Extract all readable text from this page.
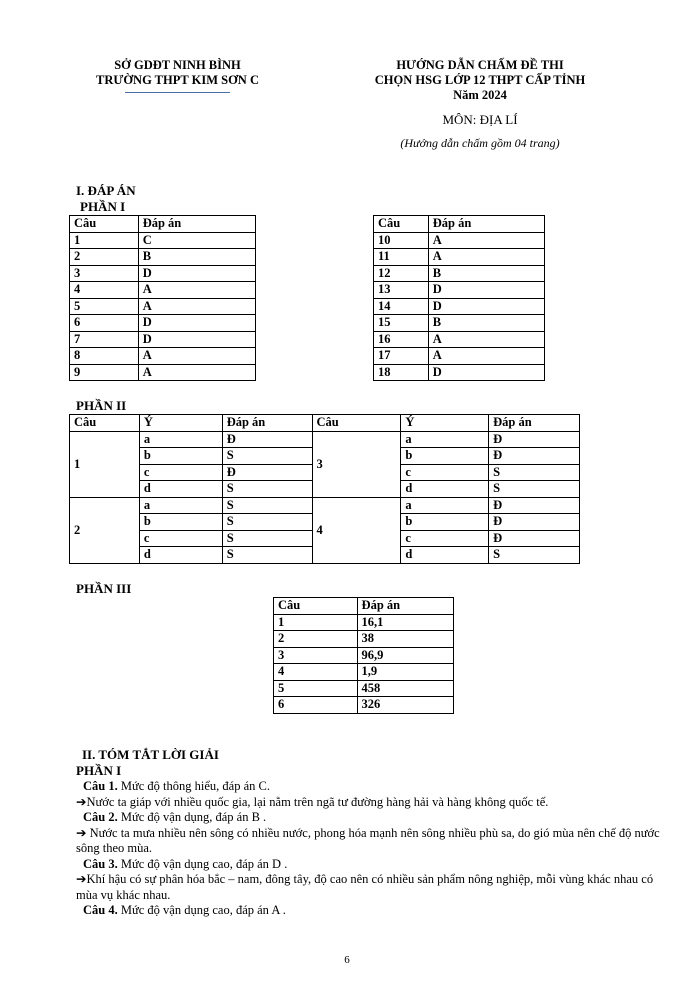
SỞ GDĐT NINH BÌNH
TRƯỜNG THPT KIM SƠN C
HƯỚNG DẪN CHẤM ĐỀ THI
CHỌN HSG LỚP 12 THPT CẤP TỈNH
Năm 2024
MÔN: ĐỊA LÍ
(Hướng dẫn chấm gồm 04 trang)
I. ĐÁP ÁN
PHẦN I
Câu	Đáp án
1	C
2	B
3	D
4	A
5	A
6	D
7	D
8	A
9	A
Câu	Đáp án
10	A
11	A
12	B
13	D
14	D
15	B
16	A
17	A
18	D
PHẦN II
Câu	Ý	Đáp án	Câu	Ý	Đáp án
1	a	Đ	3	a	Đ
	b	S		b	Đ
	c	Đ		c	S
	d	S		d	S
2	a	S	4	a	Đ
	b	S		b	Đ
	c	S		c	Đ
	d	S		d	S
PHẦN III
Câu	Đáp án
1	16,1
2	38
3	96,9
4	1,9
5	458
6	326
II. TÓM TẮT LỜI GIẢI
PHẦN I
Câu 1. Mức độ thông hiểu, đáp án C.
➔Nước ta giáp với nhiều quốc gia, lại nằm trên ngã tư đường hàng hải và hàng không quốc tế.
Câu 2. Mức độ vận dụng, đáp án B .
➔ Nước ta mưa nhiều nên sông có nhiều nước, phong hóa mạnh nên sông nhiều phù sa, do gió mùa nên chế độ nước sông theo mùa.
Câu 3. Mức độ vận dụng cao, đáp án D .
➔Khí hậu có sự phân hóa bắc – nam, đông tây, độ cao nên có nhiều sản phẩm nông nghiệp, mỗi vùng khác nhau có mùa vụ khác nhau.
Câu 4. Mức độ vận dụng cao, đáp án A .
6
